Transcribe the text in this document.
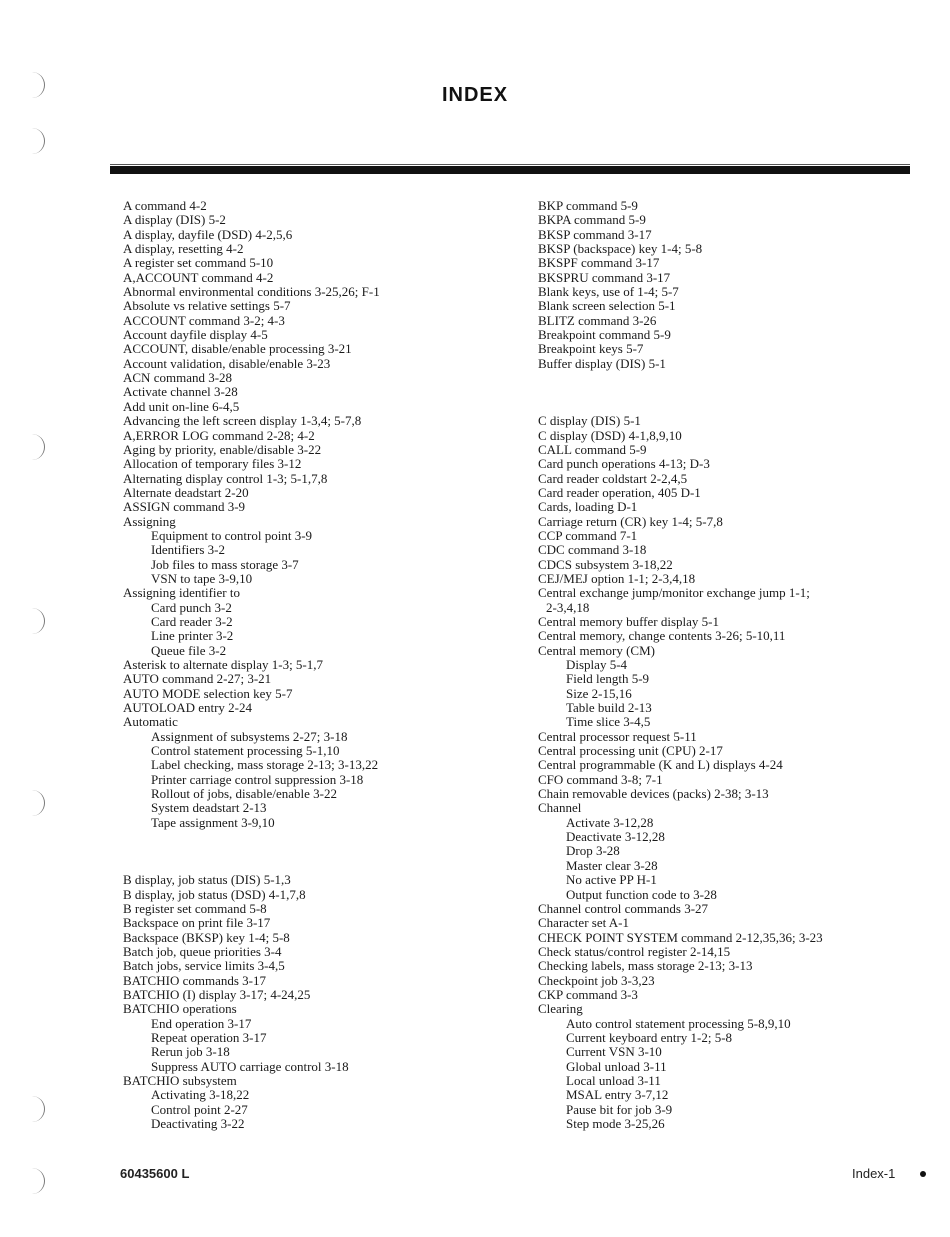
INDEX
A command 4-2
A display (DIS) 5-2
A display, dayfile (DSD) 4-2,5,6
A display, resetting 4-2
A register set command 5-10
A,ACCOUNT command 4-2
Abnormal environmental conditions 3-25,26; F-1
Absolute vs relative settings 5-7
ACCOUNT command 3-2; 4-3
Account dayfile display 4-5
ACCOUNT, disable/enable processing 3-21
Account validation, disable/enable 3-23
ACN command 3-28
Activate channel 3-28
Add unit on-line 6-4,5
Advancing the left screen display 1-3,4; 5-7,8
A,ERROR LOG command 2-28; 4-2
Aging by priority, enable/disable 3-22
Allocation of temporary files 3-12
Alternating display control 1-3; 5-1,7,8
Alternate deadstart 2-20
ASSIGN command 3-9
Assigning
Equipment to control point 3-9
Identifiers 3-2
Job files to mass storage 3-7
VSN to tape 3-9,10
Assigning identifier to
Card punch 3-2
Card reader 3-2
Line printer 3-2
Queue file 3-2
Asterisk to alternate display 1-3; 5-1,7
AUTO command 2-27; 3-21
AUTO MODE selection key 5-7
AUTOLOAD entry 2-24
Automatic
Assignment of subsystems 2-27; 3-18
Control statement processing 5-1,10
Label checking, mass storage 2-13; 3-13,22
Printer carriage control suppression 3-18
Rollout of jobs, disable/enable 3-22
System deadstart 2-13
Tape assignment 3-9,10
B display, job status (DIS) 5-1,3
B display, job status (DSD) 4-1,7,8
B register set command 5-8
Backspace on print file 3-17
Backspace (BKSP) key 1-4; 5-8
Batch job, queue priorities 3-4
Batch jobs, service limits 3-4,5
BATCHIO commands 3-17
BATCHIO (I) display 3-17; 4-24,25
BATCHIO operations
End operation 3-17
Repeat operation 3-17
Rerun job 3-18
Suppress AUTO carriage control 3-18
BATCHIO subsystem
Activating 3-18,22
Control point 2-27
Deactivating 3-22
BKP command 5-9
BKPA command 5-9
BKSP command 3-17
BKSP (backspace) key 1-4; 5-8
BKSPF command 3-17
BKSPRU command 3-17
Blank keys, use of 1-4; 5-7
Blank screen selection 5-1
BLITZ command 3-26
Breakpoint command 5-9
Breakpoint keys 5-7
Buffer display (DIS) 5-1
C display (DIS) 5-1
C display (DSD) 4-1,8,9,10
CALL command 5-9
Card punch operations 4-13; D-3
Card reader coldstart 2-2,4,5
Card reader operation, 405 D-1
Cards, loading D-1
Carriage return (CR) key 1-4; 5-7,8
CCP command 7-1
CDC command 3-18
CDCS subsystem 3-18,22
CEJ/MEJ option 1-1; 2-3,4,18
Central exchange jump/monitor exchange jump 1-1;
2-3,4,18
Central memory buffer display 5-1
Central memory, change contents 3-26; 5-10,11
Central memory (CM)
Display 5-4
Field length 5-9
Size 2-15,16
Table build 2-13
Time slice 3-4,5
Central processor request 5-11
Central processing unit (CPU) 2-17
Central programmable (K and L) displays 4-24
CFO command 3-8; 7-1
Chain removable devices (packs) 2-38; 3-13
Channel
Activate 3-12,28
Deactivate 3-12,28
Drop 3-28
Master clear 3-28
No active PP H-1
Output function code to 3-28
Channel control commands 3-27
Character set A-1
CHECK POINT SYSTEM command 2-12,35,36; 3-23
Check status/control register 2-14,15
Checking labels, mass storage 2-13; 3-13
Checkpoint job 3-3,23
CKP command 3-3
Clearing
Auto control statement processing 5-8,9,10
Current keyboard entry 1-2; 5-8
Current VSN 3-10
Global unload 3-11
Local unload 3-11
MSAL entry 3-7,12
Pause bit for job 3-9
Step mode 3-25,26
60435600 L	Index-1
